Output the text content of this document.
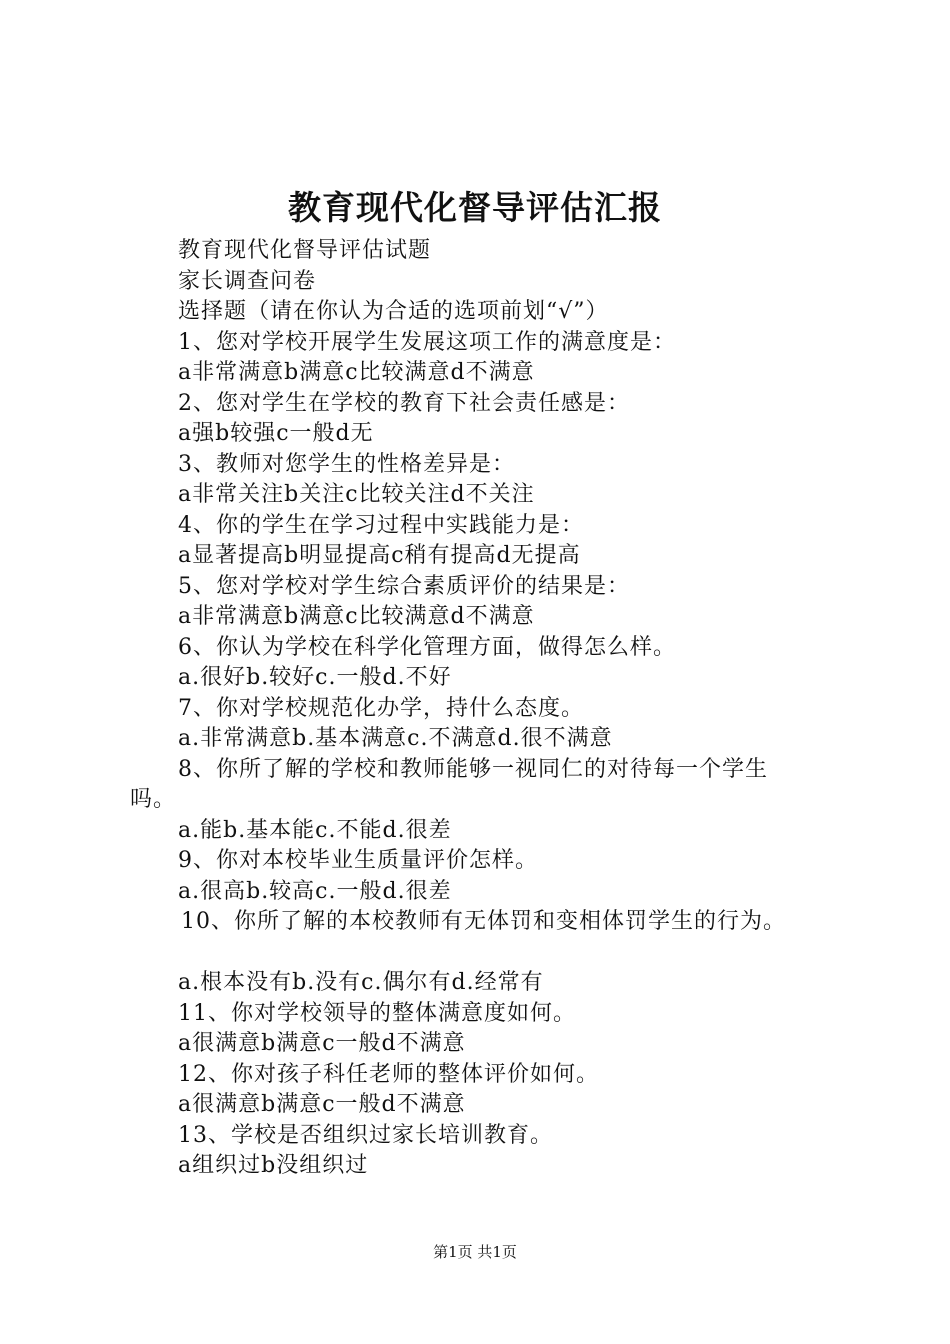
教育现代化督导评估汇报
教育现代化督导评估试题
家长调查问卷
选择题（请在你认为合适的选项前划“√”）
1、您对学校开展学生发展这项工作的满意度是：
a非常满意b满意c比较满意d不满意
2、您对学生在学校的教育下社会责任感是：
a强b较强c一般d无
3、教师对您学生的性格差异是：
a非常关注b关注c比较关注d不关注
4、你的学生在学习过程中实践能力是：
a显著提高b明显提高c稍有提高d无提高
5、您对学校对学生综合素质评价的结果是：
a非常满意b满意c比较满意d不满意
6、你认为学校在科学化管理方面，做得怎么样。
a.很好b.较好c.一般d.不好
7、你对学校规范化办学，持什么态度。
a.非常满意b.基本满意c.不满意d.很不满意
8、你所了解的学校和教师能够一视同仁的对待每一个学生
吗。
a.能b.基本能c.不能d.很差
9、你对本校毕业生质量评价怎样。
a.很高b.较高c.一般d.很差
10、你所了解的本校教师有无体罚和变相体罚学生的行为。
a.根本没有b.没有c.偶尔有d.经常有
11、你对学校领导的整体满意度如何。
a很满意b满意c一般d不满意
12、你对孩子科任老师的整体评价如何。
a很满意b满意c一般d不满意
13、学校是否组织过家长培训教育。
a组织过b没组织过
第1页 共1页
